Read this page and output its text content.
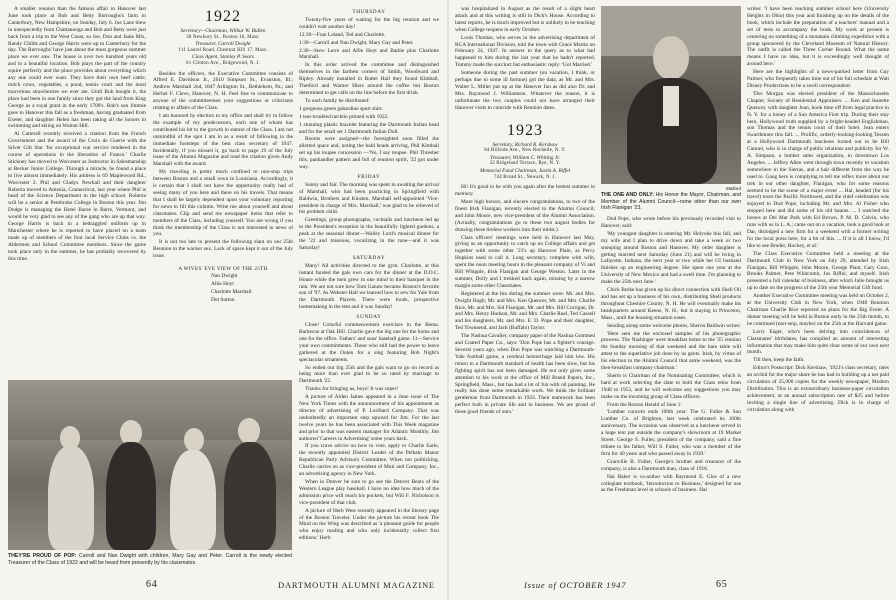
A smaller reunion than the famous affair in Hanover last June took place at Bob and Betty Burroughs's farm in Canterbury, New Hampshire, on Sunday, July 6. Joe Lane blew in unexpectedly from Chattanooga and Bob and Betty were just back from a trip to the West Coast, so Joe, Don and Janie Mix, Randy Childs and George Harris were up to Canterbury for the day. The Burroughs' have just about the most gorgeous summer place we ever saw. The house is over two hundred years old and in a beautiful location. Bob plays the part of the country squire perfectly and the place provides about everything which any one could ever want. They have their own beef cattle, milch cows, vegetables, a pond, tennis court and the most marvelous strawberries we ever ate. Until Bob bought it, the place had been in one family since they got the land from King George as a royal grant in the early 1700's. Bob's son Jimmie goes to Hanover this fall as a freshman, having graduated from Exeter, and daughter Helen has been taking all the honors in swimming and skiing on Walnut Hill.

Al Catterall recently received a citation from the French Government and the award of the Croix de Guerre with the Silver Gilt Star 'for exceptional war service rendered in the course of operations in the liberation of France.' Charlie Stickney has moved to Worcester as Instructor in Salesmanship at Becker Junior College. Through a miracle, he found a place to live almost immediately. His address is 69 Maplewood Rd., Worcester 2. Phil and Gladys Newhall and their daughter Roberta moved to Amenia, Connecticut, last year where Phil is head of the Science Department in the high school. Roberta will be a senior at Pembroke College in Boston this year. Jim Dodge is managing the Hotel Baree in Barre, Vermont, and would be very glad to see any of the gang who are up that way. George Harris is back in a bedraggled uniform up in Manchester where he is reported to have placed on a team made up of members of the four local Service Clubs vs. the Aldermen and School Committee members. Since the game took place only in the summer, he has probably recovered by this time.

1922
Secretary—Chairman, Wilbur W. Bullen
38 Newbury St., Boston 16, Mass.
Treasurer, Carroll Dwight
111 Laurel Road, Chestnut Hill 17, Mass.
Class Agent, Stanley P. Sears
61 Clinton Ave., Ridgewood, N. J.

Besides the officers, the Executive Committee consists of Alfred E. Davidson Jr., 2610 Simpson St., Evanston, Ill.; Andrew Marshall 2nd, 1847 Arlington St., Bethlehem, Pa.; and Herbel F. Cleve, Hanover, N. H. Feel free to communicate to anyone of the committeemen your suggestions or criticisms relating to affairs of the Class.

I am honored by election to my office and shall try to follow the example of my predecessors, each one of whom has contributed his bit to the growth in stature of the Class. I am not unmindful of the spot I am in as a result of following in the immediate footsteps of the best class secretary of 1947. Incidentally, if you missed it, go back to page 19 of the July issue of the Alumni Magazine and read the citation given Andy Marshall with the award.

My traveling is pretty much confined to non-stop trips between Boston and a small town in Louisiana. Accordingly, it is certain that I shall not have the opportunity really had of seeing many of you here and there on his travels. That means that I shall be largely dependent upon your voluntary reporting for news to fill this column. Write me about yourself and about classmates. Clip and send me newspaper items that refer to members of the Class, including yourself. You are wrong if you think the membership of the Class is not interested in news of you.

It is not too late to present the following slant on our 25th Reunion to the wacker sex. Lack of space kept it out of the July issue.

A WIVES' EYE VIEW OF THE 25TH

Nan Dwight

Allie Hoyt

Charlotte Marshall

Dot Sutton

THURSDAY

Twenty-five years of waiting for the big reunion and we couldn't wait another day!

12:30—Fran Leland, Ted and Charlotte.

1:30—Carroll and Nan Dwight, Mary Gay and Peter.

2:30—Stew Lerre and Allie Hoyt and Batbie plus Charlotte Marshall.

In this order arrived the committee and distinguished themselves in the farthest corners of Smith, Woodward and Ripley. Already installed in Butter Hall they found Kimball, Thetford and Warner Hiers around the coffee but Boston determined to get calls on the line before the first drink.

To each family he distributed:

1 gorgeous green gabardine sport shirt.

1 tear-troubled necktie printed with 1922.

1 stunning plastic bracelet featuring the Dartmouth Indian head and for the small set 1 Dartmouth Indian Doll.

Rooms were assigned—the foresighted soon filled the allotted space and, noting the bald heads arriving, Phil Kimball set up his toupee concession —'No, I say toupee. Phil Thresher this, panhandler pattern and full of reunion spirit, '22 got under way.

FRIDAY

Sunny and fair. The morning was spent in awaiting the arrival of Marshall, who had been practicing in Springfield with Baldwin, Brothers and Kinsten. Marshall self-appointed 'Vice-president in charge of Mrs. Marshall,' was glad to be relieved of his problem child.

Greetings, group photographs, cocktails and luncheon led up to the President's reception in the beautifully lighted gardens, a peak at the seasonal dinner—Walley Lord's musical dinner for the '22 and missions, vocalizing in the tune—and it was Saturday!

SATURDAY

Many! All activities directed to the gym. Charlotte, at this instant funded the gals own cars for the dinner at the D.O.C. House while the men grew in one mind to their banquet in the rain. We are not sure how Tom Ganaw became Boston's favorite son of '97. As Webster Hall we learned how to sew for Yale from the Dartmouth Players. There were foods, prospective homemaking in the tent and it was Sunday!

SUNDAY

Close! Colorful commencement exercises in the Bema. Barbecue at Oak Hill. Charlie gave the big one for the home and one for the office. Fathers' and sons' baseball game. 11—Service your own commitments. Those who still had the power to leave gathered at the Outen for a sing featuring Bob Night's spectacular ornaments.

So ended our big 25th and the gals want to go on record as being more than ever glad to be so rated by marriage to Dartmouth '22.

Thanks for bringing us, boys! It was super!

A picture of Alden James appeared in a June issue of The New York Times with the announcement of his appointment as director of advertising of P. Lorillard Company. That was undoubtedly an important step upward for Jim. For the last twelve years he has been associated with This Week magazine and prior to that was eastern manager for Atlantic Monthly. Jim authored 'Careers in Advertising' some years back.

If you crave advice on how to vote, apply to Charlie Earle, the recently appointed District Leader of the Pelham Manor Republican Party Advisory Committee. When not politicking, Charlie carries on as vice-president of Muir and Company, Inc., an advertising agency in New York.

When in Denver be sure to go see the Denver Bears of the Western League play baseball. I have no idea how much of the admission price will reach his pockets, but Will F. Nicholson is vice-president of that club.

A picture of Herb West recently appeared in the literary page of the Boston Traveler. Under the picture his recent book The Mind on the Wing was described as 'a pleasant guide for people who enjoy reading and who only incidentally collect first editions.' Herb

THEY'RE PROUD OF POP: Carroll and Nan Dwight with children, Mary Gay and Peter. Carroll is the newly elected Treasurer of the Class of 1922 and will be heard from presently by his classmates.
64	DARTMOUTH ALUMNI MAGAZINE

was hospitalized in August as the result of a slight heart attack and at this writing is still in Dick's House. According to latest reports, he is much improved but is unlikely to be teaching when College reopens in early October.

Louis Thomas, who serves in the advertising department of RCA International Division, told the town with Grace Martin on February 24, 1947. In answer to the query as to what had happened to him during the last year that he hadn't reported, Tommy made the succinct but enthusiastic reply: 'Got Married.'

Someone during the past summer (on vacation, I think, or perhaps due to some ill fortune) got the data, as Mr. and Mrs. Walter L. Miller put up at the Hanover Inn as did also Dr. and Mrs. Raymond J. Williamson. Whatever the reason, it is unfortunate the two couples could not have arranged their Hanover visits to coincide with Reunion dates.

1923
Secretary, Richard R. Kershaw
84 Hillside Ave., New Rochelle, N. Y.
Treasurer, William C. Whiting Jr.
32 Ridgeland Terrace, Rye, N. Y.
Memorial Fund Chairman, Justin A. Riffel
744 Broad St., Newark, N. J.

Hi! It's good to be with you again after the hottest summer in memory.

More high honors, and sincere congratulations, to two of the finest Irish Flanigan, recently elected to the Alumni Council; and John Moore, new vice-president of the Alumni Association. (Actually, congratulations go to these two august bodies for drawing these tireless workers into their midst.)

Class officers' meetings were held in Hanover last May, giving us an opportunity to catch up on College affairs and get together with some other '23's up Hanover Plain, as Percy Hopkins used to call it. Long secretary, complete with wife, spent the noon meeting hours in the pleasant company of Vi and Bill Whipple, Irish Flanigan and George Weston. Later in the summer, Dolly and I trekked back again, missing by a narrow margin some other Classmates.

Registered at the Inn during the summer were: Mr. and Mrs. Dwight Hugh; Mr. and Mrs. Ken Quencer, Mr. and Mrs. Charlie Rice, Mr. and Mrs. Sid Flanigan, Mr. and Mrs. Bill Corrigan, Dr. and Mrs. Henry Hudson, Mr. and Mrs. Charlie Ruel, Ted Cassell and his daughters, Mr. and Mrs. E. D. Pope and their daughter, Ted Townsend, and Jack (Buffalo) Taylor.

The Nashua Cavalier, company paper of the Nashua Gummed and Coated Paper Co., says: 'Don Pope has a fighter's courage. Several years ago, when Don Pope was watching a Dartmouth-Yale football game, a cerebral hemorrhage laid him low. His return to a Dartmouth standard of health has been slow, but his fighting spirit has not been damaged. He not only gives some attention to his work at the office of Mill Brand Papers, Inc., Springfield, Mass., but has had a lot of fun with oil painting. He really has done some remarkable work. We think the brilliant gentleman from Dartmouth in 1923. Their teamwork has been perfect both in private life and in business. We are proud of these good friends of ours.'

Mallard
THE ONE AND ONLY: His Honor the Mayor, Chairman, and Member of the Alumni Council—none other than our own Irish Flanigan '23.

Dud Pope, who wrote before his previously recorded visit to Hanover, said:

'My youngest daughter is entering Mt. Holyoke this fall, and my wife and I plan to drive down and take a week or two snooping around Boston and Hanover. My older daughter is getting married next Saturday (June 21) and will be living in Lafayette, Indiana, the next year or two while her GI husband finishes up an engineering degree. She spent one year at the University of New Mexico and had a swell time. I'm planning to make the 25th next June.'

Chick Burke has given up his direct connection with Shell Oil and has set up a business of his own, distributing Shell products throughout Cheshire County, N. H. He will eventually make his headquarters around Keene, N. H., but is staying in Princeton, Mass., until the housing situation eases.

Sending along some welcome photos, Sheron Baldwin writes:

'Here sent me the enclosed samples of his photographic prowess. The Nashinger were breakfast home to the '25 reunion the Sunday morning of that weekend and the bare table will attest to the superlative job done by us gents. Irish, by virtue of his election to the Alumni Council that same weekend, was the then-breakfast company chairman.'

Sherm is Chairman of the Nominating Committee, which is hard at work selecting the slate to hold the Class reins from 1948 to 1953, and he will welcome any suggestions you may make on the incoming group of Class officers.

From the Boston Herald of June 1:

'Lumber concern ends 100th year: The G. Fuller & Son Lumber Co. of Brighton, last week celebrated its 100th anniversary. The occasion was observed at a luncheon served in a huge tent put outside the company's showroom at 19 Market Street. George S. Fuller, president of the company, said a fine tribute to his father, Will S. Fuller, who was a member of the firm for 40 years and who passed away in 1939.'

Granville B. Fuller, George's brother and treasurer of the company, is also a Dartmouth man, class of 1916.

Hal Baker is co-author with Raymond E. Glos of a new collegiate textbook, 'Introduction to Business,' designed for use as the Freshman level in schools of business. Hal

writes: 'I have been teaching summer school here (University Heights in Ohio) this year and finishing up on the details of the book, which include the preparation of a teachers' manual and a set of tests to accompany the book. My work at present is centering on something of a mountain climbing expedition with a group sponsored by the Cleveland Museum of Natural History. The outfit is called the Three Corner Round. What the name means I have no idea, but it is exceedingly well thought of around here.'

Here are the highlights of a news-packed letter from Gay Palmer, who frequently takes time out of his full schedule at Walt Disney Productions to be a swell correspondent:

'Doc Morgan was elected president of the Massachusetts Chapter, Society of Residential Appraisers. ... Ken and Jeanette Quencer, with daughter Jean, hook time off from legal practice in N. Y. for a honey of a Sun America First trip. During their stay here, Hollywood truth supplied by a bright-headed Englishman, son Thomas and the tennis court of their hotel. Jean enters Swarthmore this fall. ... Prolific, orderly-looking-looking Tesson at a Hollywood Dartmouth luncheon turned out to be Bill Conrad, who is in charge of public relations and publicity for W. A. Simpson, a lumber sales organization, in downtown Los Angeles. ... Jeffrey Allen went through town recently to vacation somewhere in the Sierras, and a hair different from the way he used to. Gang here is complying to tell me reflex more about our trek in our other daughter, Flanigan, who for some reasons seemed to be the scene of a major event ... Hal, headed (for his travel) tours the Pacific Northwest, and the chief celebration was enjoyed to Dud Pope, including Mr. and Mrs. Al Fisher who stopped here and did some of his old haunts. ... I watched the horses at Del Mar Park with Ed Brown, P. M. D. Calvin, who runs with us in L. A.; came out on a vacation, took a good look at Dar, dislodged a new firm for a weekend with a former writing for the local press here, for a bit of this. ... If it is all I know, I'd like to see Broder, Hockey, et al.'

The Class Executive Committee held a meeting at the Dartmouth Club in New York on July 29, attended by Irish Flanigan, Bill Whipple, John Moore, George Plant, Gary Guss, Brooks Palmer, Pete Whitcomb, Jus Riffel, and myself. Irish presented a full calendar of business, after which Julie brought us up to date on the progress of the 25th year Memorial Gift fund.

Another Executive Committee meeting was held on October 2, at the University Club in New York, when 1948 Reunion Chairman Charlie Rice reported on plans for the Big Event. A dinner meeting will be held in Boston early in the 25th month, to be continued (non-stop, maybe) on the 25th at the Harvard game.

Larry Eager, who's been delving into coincidences of Classmates' birthdates, has compiled an amount of interesting information that may make him quite clear some of our own next month.

Till then, keep the faith.

Editor's Postscript: Dick Kershaw, '1923's class secretary, rates an orchid for the major share he has had in building up a net paid circulation of 25,000 copies for the weekly newspaper, Modern Distribution. This is an extraordinary business-paper circulation achievement, at an annual subscription rate of $25 and before inviting a single line of advertising. Dick is in charge of circulation along with

Issue of OCTOBER 1947	65
